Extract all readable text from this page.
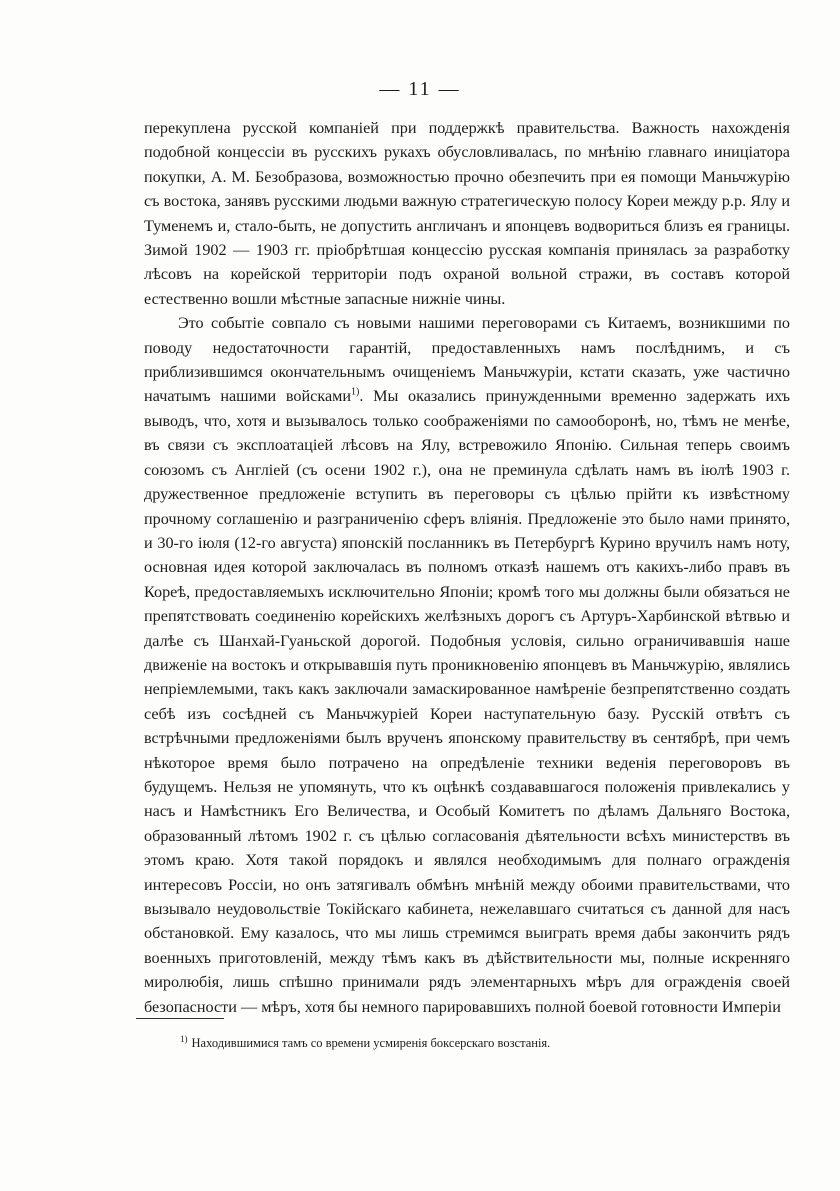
— 11 —

перекуплена русской компаніей при поддержкѣ правительства. Важность нахожденія подобной концессіи въ русскихъ рукахъ обусловливалась, по мнѣнію главнаго иниціатора покупки, А. М. Безобразова, возможностью прочно обезпечить при ея помощи Маньчжурію съ востока, занявъ русскими людьми важную стратегическую полосу Кореи между р.р. Ялу и Туменемъ и, стало-быть, не допустить англичанъ и японцевъ водвориться близъ ея границы. Зимой 1902 — 1903 гг. пріобрѣтшая концессію русская компанія принялась за разработку лѣсовъ на корейской территоріи подъ охраной вольной стражи, въ составъ которой естественно вошли мѣстные запасные нижніе чины.

Это событіе совпало съ новыми нашими переговорами съ Китаемъ, возникшими по поводу недостаточности гарантій, предоставленныхъ намъ послѣднимъ, и съ приблизившимся окончательнымъ очищеніемъ Маньчжуріи, кстати сказать, уже частично начатымъ нашими войсками$^{1)}$. Мы оказались принужденными временно задержать ихъ выводъ, что, хотя и вызывалось только соображеніями по самооборонѣ, но, тѣмъ не менѣе, въ связи съ эксплоатаціей лѣсовъ на Ялу, встревожило Японію. Сильная теперь своимъ союзомъ съ Англіей (съ осени 1902 г.), она не преминула сдѣлать намъ въ іюлѣ 1903 г. дружественное предложеніе вступить въ переговоры съ цѣлью прійти къ извѣстному прочному соглашенію и разграниченію сферъ вліянія. Предложеніе это было нами принято, и 30-го іюля (12-го августа) японскій посланникъ въ Петербургѣ Курино вручилъ намъ ноту, основная идея которой заключалась въ полномъ отказѣ нашемъ отъ какихъ-либо правъ въ Кореѣ, предоставляемыхъ исключительно Японіи; кромѣ того мы должны были обязаться не препятствовать соединенію корейскихъ желѣзныхъ дорогъ съ Артуръ-Харбинской вѣтвью и далѣе съ Шанхай-Гуаньской дорогой. Подобныя условія, сильно ограничивавшія наше движеніе на востокъ и открывавшія путь проникновенію японцевъ въ Маньчжурію, являлись непріемлемыми, такъ какъ заключали замаскированное намѣреніе безпрепятственно создать себѣ изъ сосѣдней съ Маньчжуріей Кореи наступательную базу. Русскій отвѣтъ съ встрѣчными предложеніями былъ врученъ японскому правительству въ сентябрѣ, при чемъ нѣкоторое время было потрачено на опредѣленіе техники веденія переговоровъ въ будущемъ. Нельзя не упомянуть, что къ оцѣнкѣ создававшагося положенія привлекались у насъ и Намѣстникъ Его Величества, и Особый Комитетъ по дѣламъ Дальняго Востока, образованный лѣтомъ 1902 г. съ цѣлью согласованія дѣятельности всѣхъ министерствъ въ этомъ краю. Хотя такой порядокъ и являлся необходимымъ для полнаго огражденія интересовъ Россіи, но онъ затягивалъ обмѣнъ мнѣній между обоими правительствами, что вызывало неудовольствіе Токійскаго кабинета, нежелавшаго считаться съ данной для насъ обстановкой. Ему казалось, что мы лишь стремимся выиграть время дабы закончить рядъ военныхъ приготовленій, между тѣмъ какъ въ дѣйствительности мы, полные искренняго миролюбія, лишь спѣшно принимали рядъ элементарныхъ мѣръ для огражденія своей безопасности — мѣръ, хотя бы немного парировавшихъ полной боевой готовности Имперіи

$^{1)}$ Находившимися тамъ со времени усмиренія боксерскаго возстанія.
